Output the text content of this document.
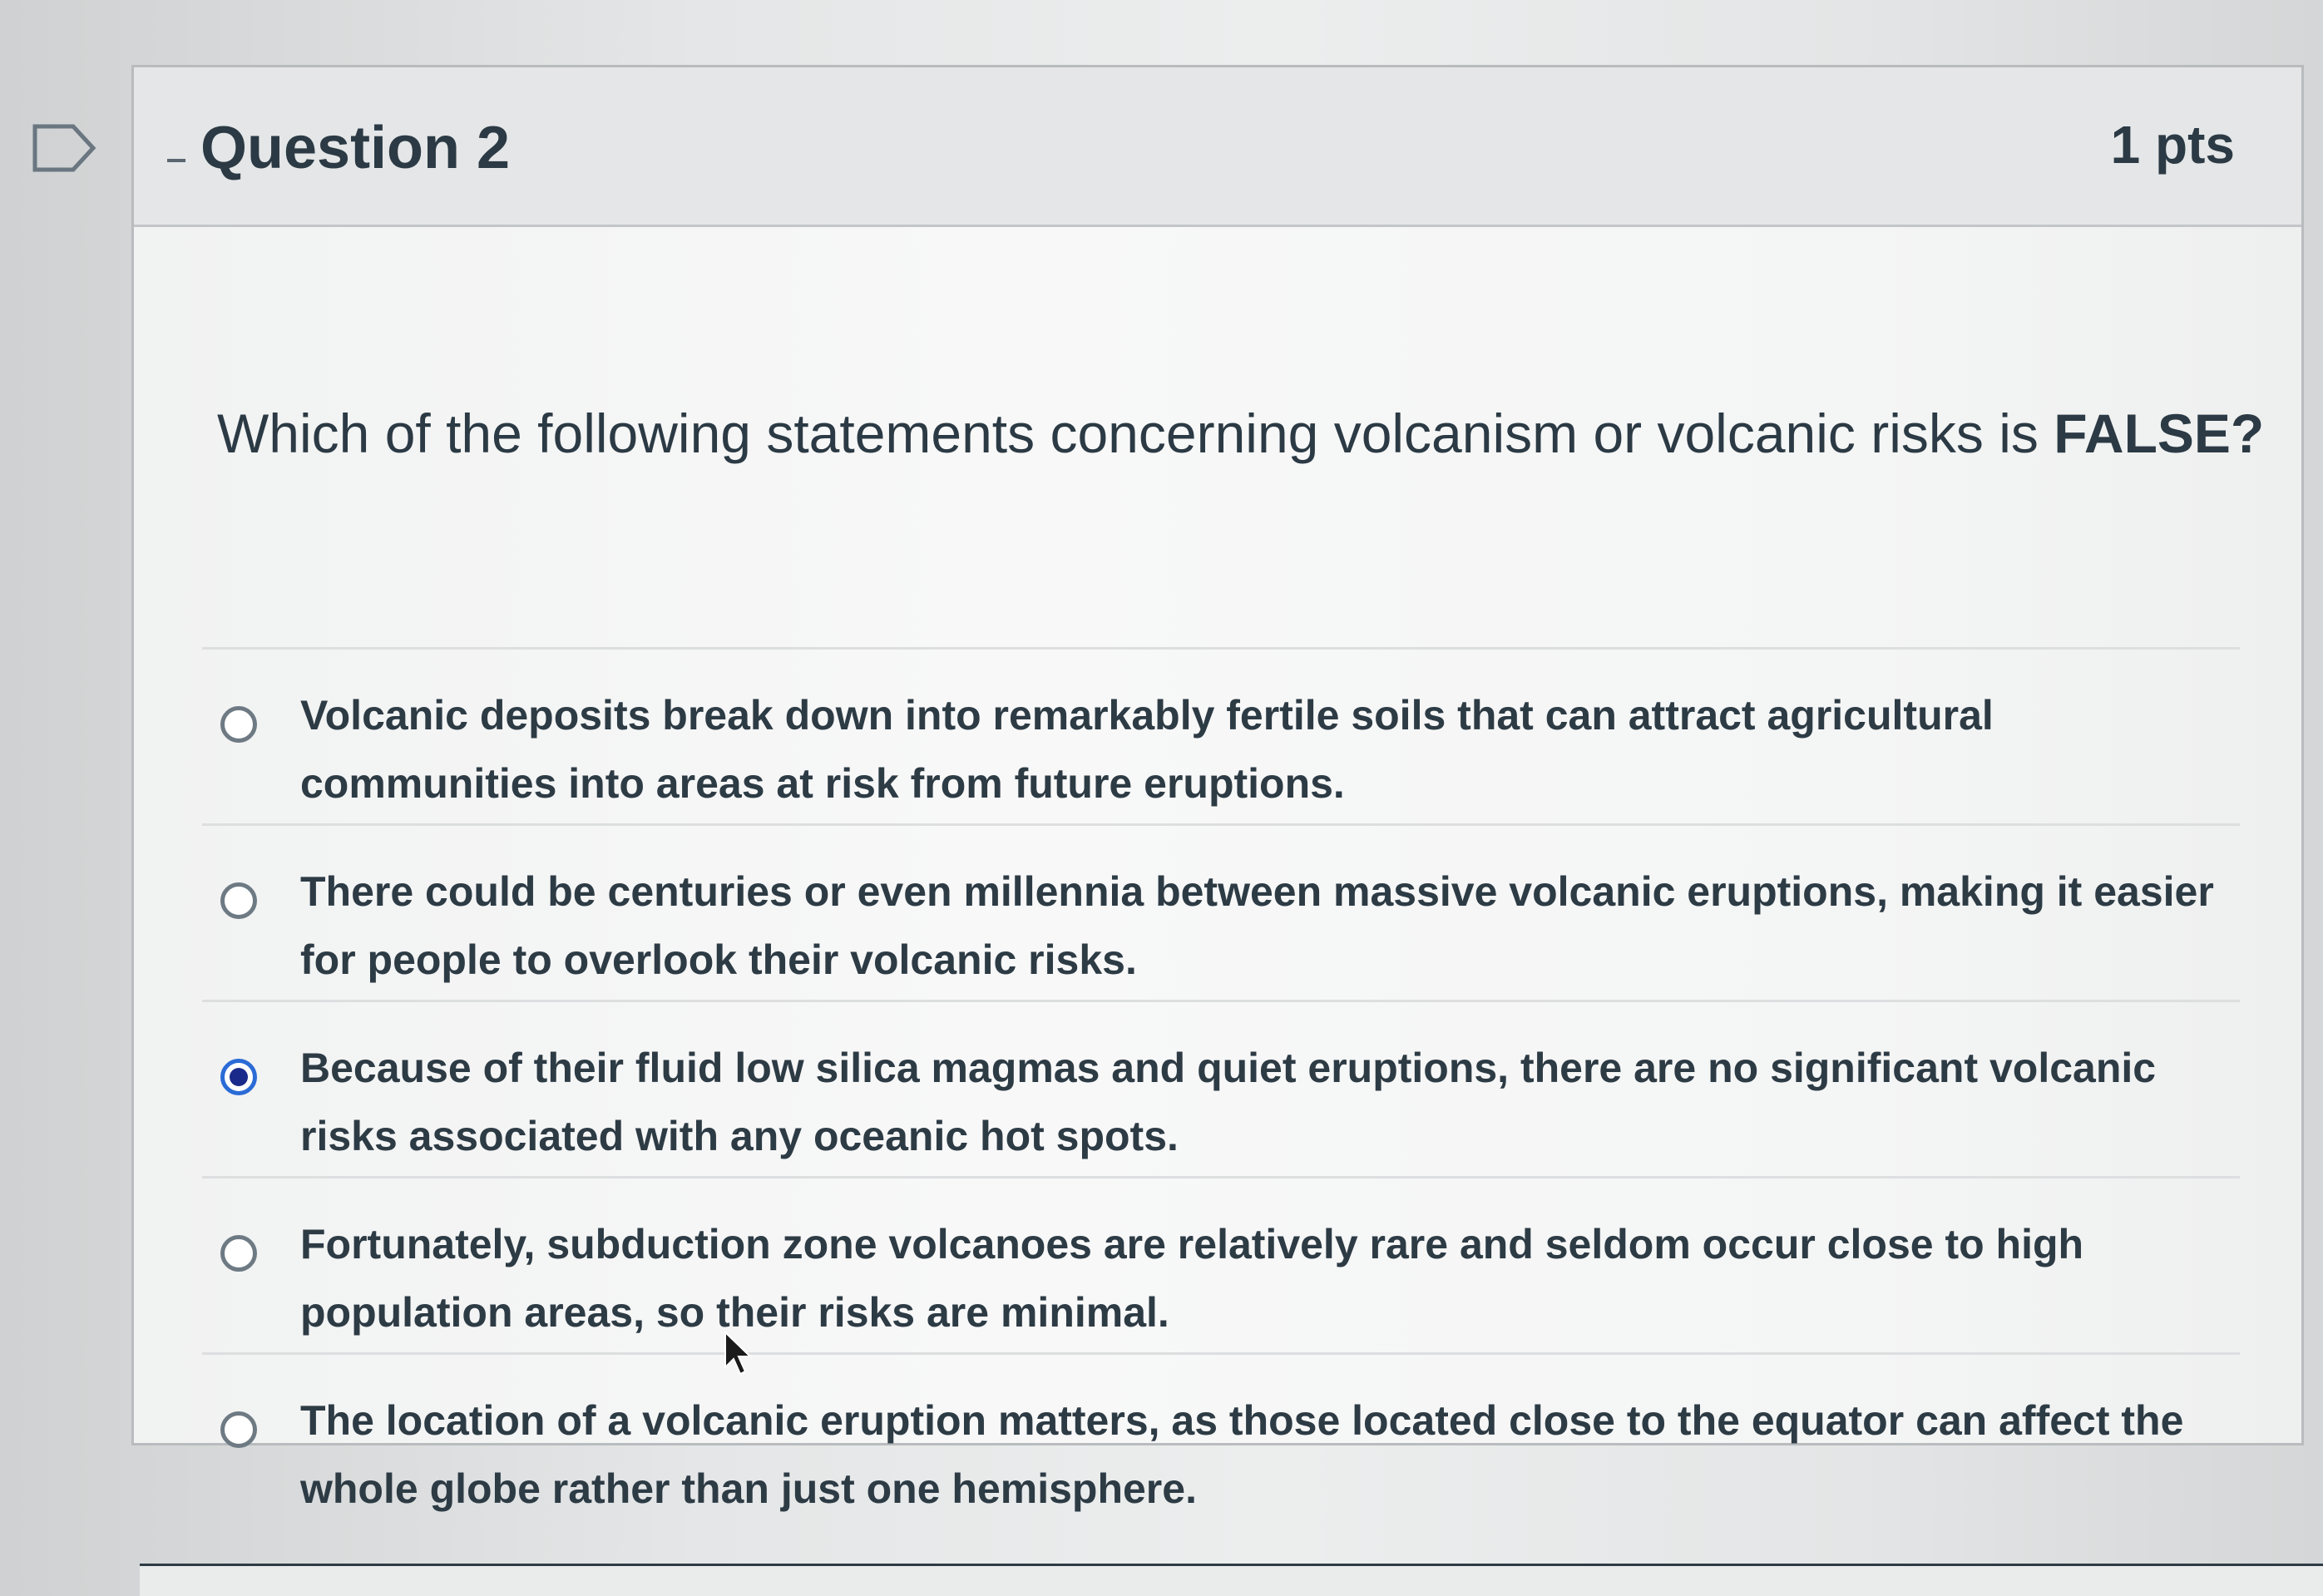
Question 2	1 pts
Which of the following statements concerning volcanism or volcanic risks is FALSE?
Volcanic deposits break down into remarkably fertile soils that can attract agricultural communities into areas at risk from future eruptions.
There could be centuries or even millennia between massive volcanic eruptions, making it easier for people to overlook their volcanic risks.
Because of their fluid low silica magmas and quiet eruptions, there are no significant volcanic risks associated with any oceanic hot spots.
Fortunately, subduction zone volcanoes are relatively rare and seldom occur close to high population areas, so their risks are minimal.
The location of a volcanic eruption matters, as those located close to the equator can affect the whole globe rather than just one hemisphere.
